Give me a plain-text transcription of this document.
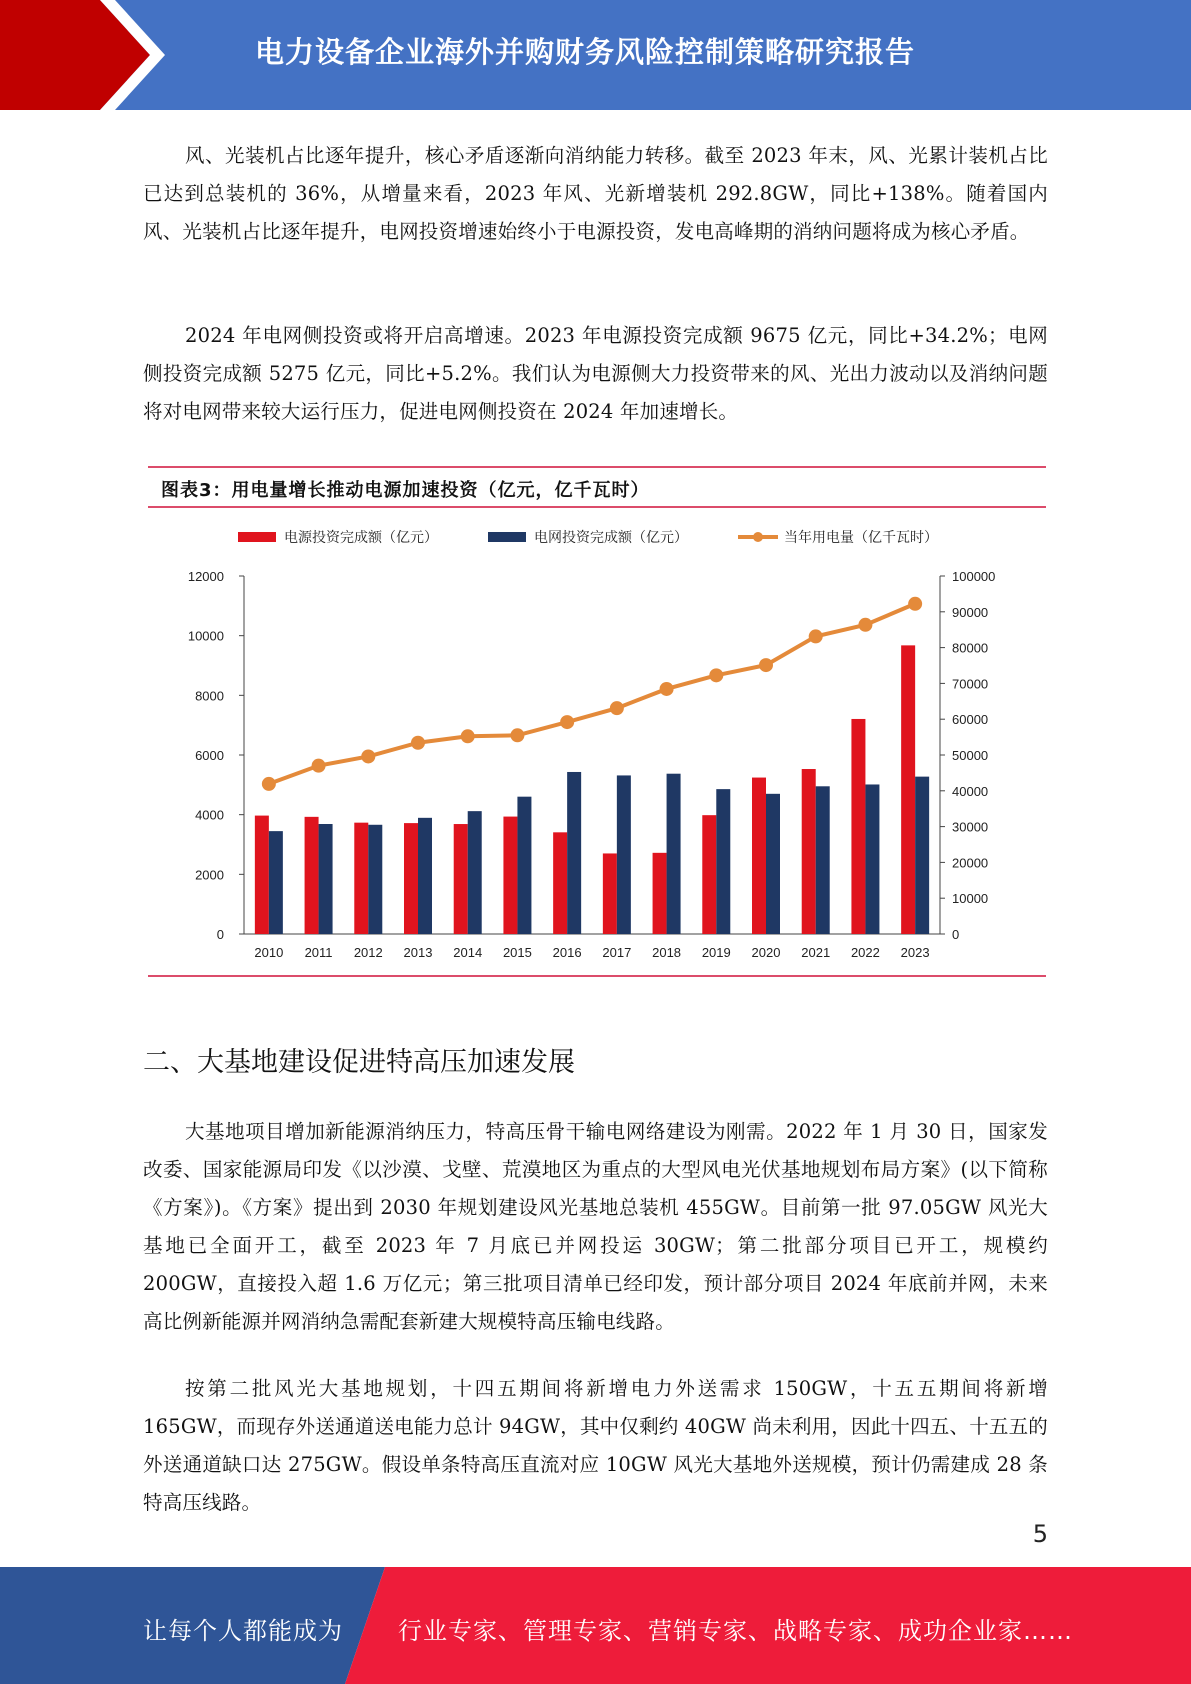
电力设备企业海外并购财务风险控制策略研究报告

风、光装机占比逐年提升，核心矛盾逐渐向消纳能力转移。截至 2023 年末，风、光累计装机占比已达到总装机的 36%，从增量来看，2023 年风、光新增装机 292.8GW，同比+138%。随着国内风、光装机占比逐年提升，电网投资增速始终小于电源投资，发电高峰期的消纳问题将成为核心矛盾。

2024 年电网侧投资或将开启高增速。2023 年电源投资完成额 9675 亿元，同比+34.2%；电网侧投资完成额 5275 亿元，同比+5.2%。我们认为电源侧大力投资带来的风、光出力波动以及消纳问题将对电网带来较大运行压力，促进电网侧投资在 2024 年加速增长。

0
2000
4000
6000
8000
10000
12000
0
10000
20000
30000
40000
50000
60000
70000
80000
90000
100000
2010 2011 2012 2013 2014 2015 2016 2017 2018 2019 2020 2021 2022 2023
电源投资完成额（亿元）	电网投资完成额（亿元）	当年用电量（亿千瓦时）
图表3：用电量增长推动电源加速投资（亿元，亿千瓦时）
二、大基地建设促进特高压加速发展

大基地项目增加新能源消纳压力，特高压骨干输电网络建设为刚需。2022 年 1 月 30 日，国家发改委、国家能源局印发《以沙漠、戈壁、荒漠地区为重点的大型风电光伏基地规划布局方案》(以下简称《方案》)。《方案》提出到 2030 年规划建设风光基地总装机 455GW。目前第一批 97.05GW 风光大基地已全面开工，截至 2023 年 7 月底已并网投运 30GW；第二批部分项目已开工，规模约 200GW，直接投入超 1.6 万亿元；第三批项目清单已经印发，预计部分项目 2024 年底前并网，未来高比例新能源并网消纳急需配套新建大规模特高压输电线路。

按第二批风光大基地规划，十四五期间将新增电力外送需求 150GW，十五五期间将新增 165GW，而现存外送通道送电能力总计 94GW，其中仅剩约 40GW 尚未利用，因此十四五、十五五的外送通道缺口达 275GW。假设单条特高压直流对应 10GW 风光大基地外送规模，预计仍需建成 28 条特高压线路。

5
让每个人都能成为 行业专家、管理专家、营销专家、战略专家、成功企业家……
